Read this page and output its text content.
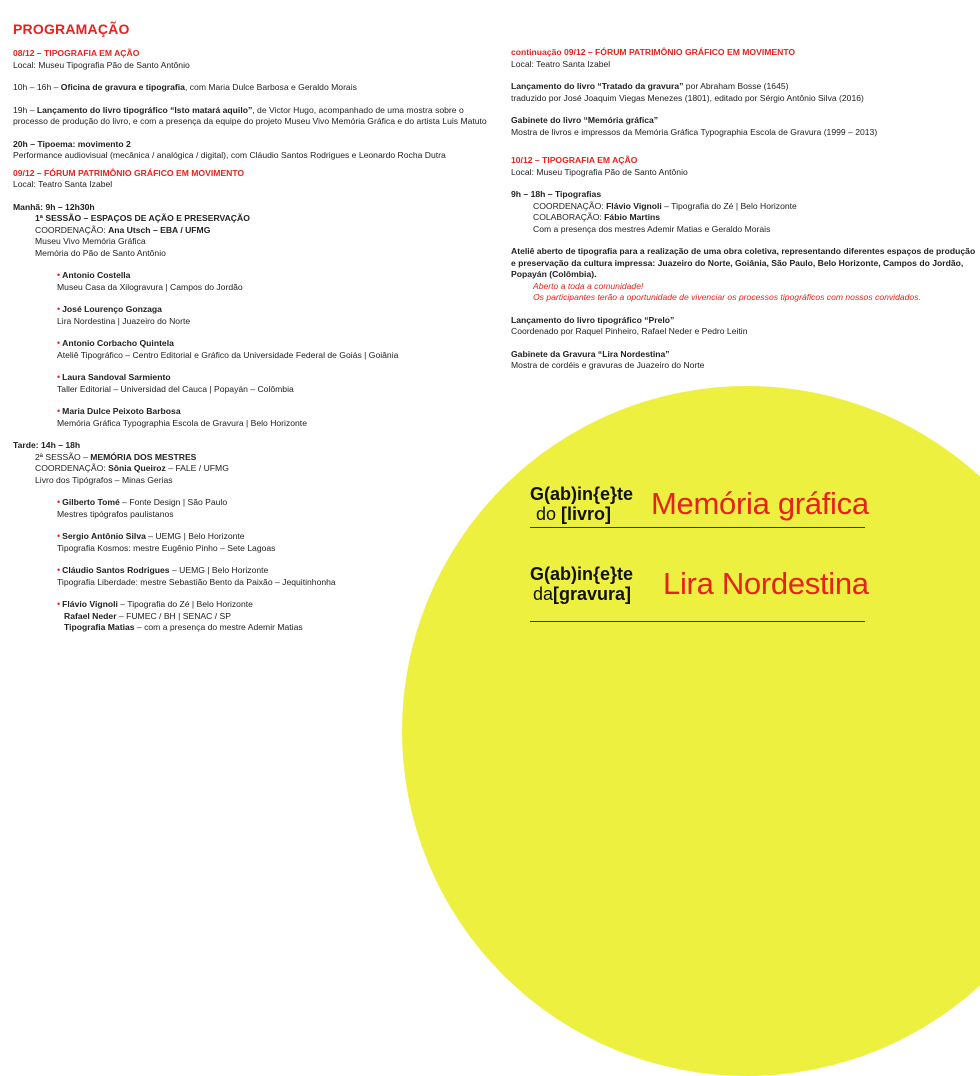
PROGRAMAÇÃO
08/12 – TIPOGRAFIA EM AÇÃO
Local: Museu Tipografia Pão de Santo Antônio
10h – 16h – Oficina de gravura e tipografia, com Maria Dulce Barbosa e Geraldo Morais
19h – Lançamento do livro tipográfico “Isto matará aquilo”, de Victor Hugo, acompanhado de uma mostra sobre o
processo de produção do livro, e com a presença da equipe do projeto Museu Vivo Memória Gráfica e do artista Luis Matuto
20h – Tipoema: movimento 2
Performance audiovisual (mecânica / analógica / digital), com Cláudio Santos Rodrigues e Leonardo Rocha Dutra
09/12 – FÓRUM PATRIMÔNIO GRÁFICO EM MOVIMENTO
Local: Teatro Santa Izabel
Manhã: 9h – 12h30h
1ª SESSÃO – ESPAÇOS DE AÇÃO E PRESERVAÇÃO
COORDENAÇÃO: Ana Utsch – EBA / UFMG
Museu Vivo Memória Gráfica
Memória do Pão de Santo Antônio
• Antonio Costella
Museu Casa da Xilogravura | Campos do Jordão
• José Lourenço Gonzaga
Lira Nordestina | Juazeiro do Norte
• Antonio Corbacho Quintela
Ateliê Tipográfico – Centro Editorial e Gráfico da Universidade Federal de Goiás | Goiânia
• Laura Sandoval Sarmiento
Taller Editorial – Universidad del Cauca | Popayán – Colômbia
• Maria Dulce Peixoto Barbosa
Memória Gráfica Typographia Escola de Gravura | Belo Horizonte
Tarde: 14h – 18h
2ª SESSÃO – MEMÓRIA DOS MESTRES
COORDENAÇÃO: Sônia Queiroz – FALE / UFMG
Livro dos Tipógrafos – Minas Gerias
• Gilberto Tomé – Fonte Design | São Paulo
Mestres tipógrafos paulistanos
• Sergio Antônio Silva – UEMG | Belo Horizonte
Tipografia Kosmos: mestre Eugênio Pinho – Sete Lagoas
• Cláudio Santos Rodrigues – UEMG | Belo Horizonte
Tipografia Liberdade: mestre Sebastião Bento da Paixão – Jequitinhonha
• Flávio Vignoli – Tipografia do Zé | Belo Horizonte
Rafael Neder – FUMEC / BH | SENAC / SP
Tipografia Matias – com a presença do mestre Ademir Matias
continuação 09/12 – FÓRUM PATRIMÔNIO GRÁFICO EM MOVIMENTO
Local: Teatro Santa Izabel
Lançamento do livro “Tratado da gravura” por Abraham Bosse (1645)
traduzido por José Joaquim Viegas Menezes (1801), editado por Sérgio Antônio Silva (2016)
Gabinete do livro “Memória gráfica”
Mostra de livros e impressos da Memória Gráfica Typographia Escola de Gravura (1999 – 2013)
10/12 – TIPOGRAFIA EM AÇÃO
Local: Museu Tipografia Pão de Santo Antônio
9h – 18h – Tipografias
COORDENAÇÃO: Flávio Vignoli – Tipografia do Zé | Belo Horizonte
COLABORAÇÃO: Fábio Martins
Com a presença dos mestres Ademir Matias e Geraldo Morais
Ateliê aberto de tipografia para a realização de uma obra coletiva, representando diferentes espaços de produção
e preservação da cultura impressa: Juazeiro do Norte, Goiânia, São Paulo, Belo Horizonte, Campos do Jordão,
Popayán (Colômbia).
Aberto a toda a comunidade!
Os participantes terão a oportunidade de vivenciar os processos tipográficos com nossos convidados.
Lançamento do livro tipográfico “Prelo”
Coordenado por Raquel Pinheiro, Rafael Neder e Pedro Leitin
Gabinete da Gravura “Lira Nordestina”
Mostra de cordéis e gravuras de Juazeiro do Norte
G(ab)in{e}te
do [livro]	Memória gráfica
G(ab)in{e}te
da[gravura] Lira Nordestina
